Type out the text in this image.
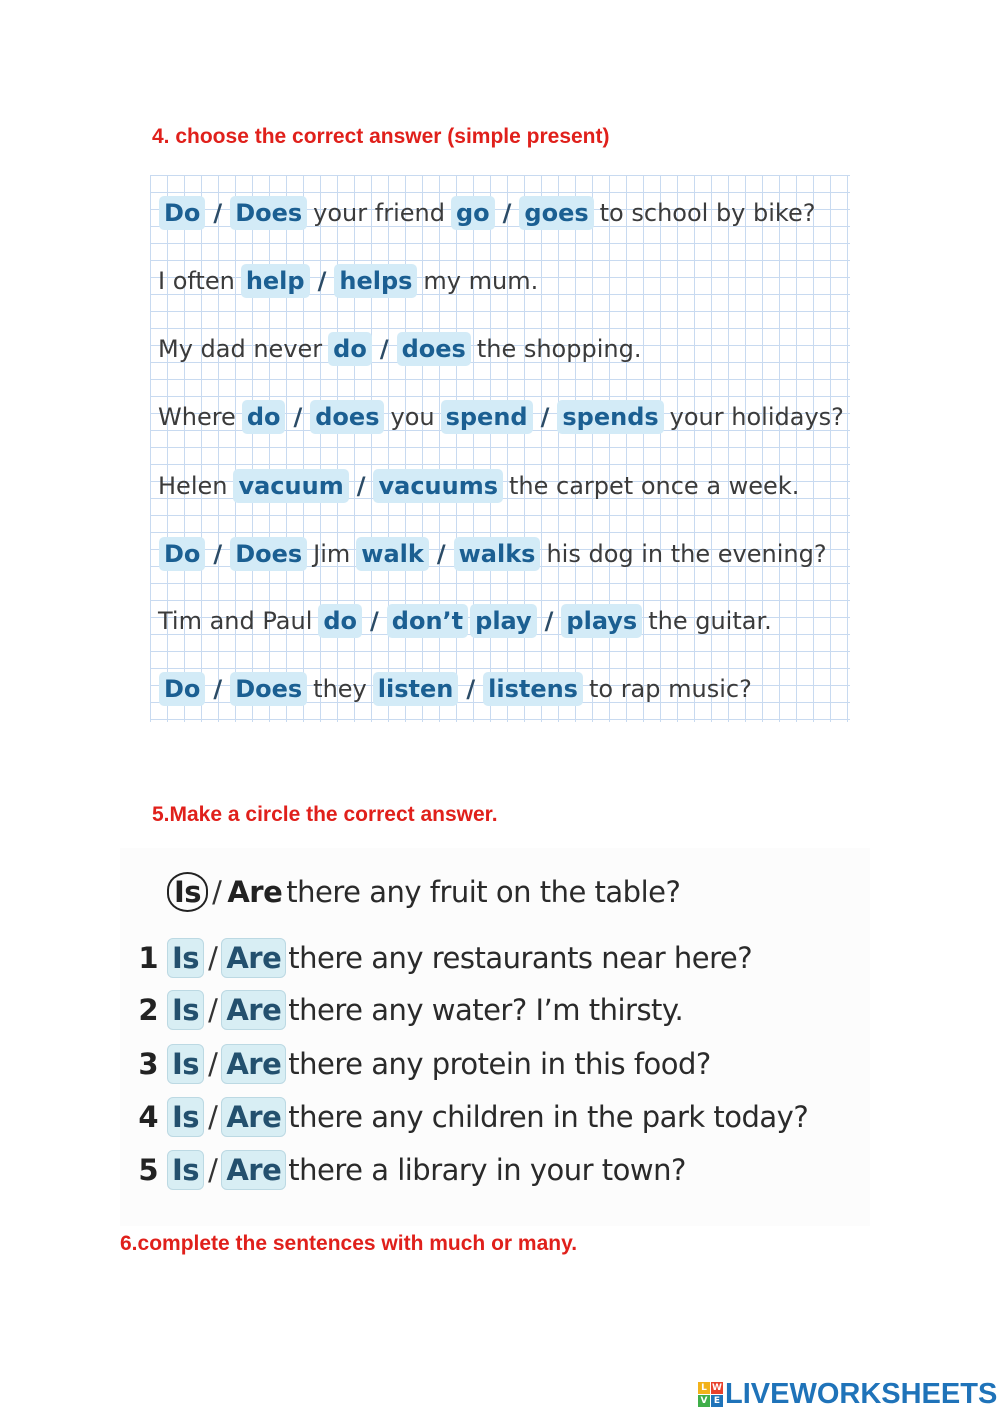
4. choose the correct answer (simple present)
Do / Does your friend go / goes to school by bike?
I often help / helps my mum.
My dad never do / does the shopping.
Where do / does you spend / spends your holidays?
Helen vacuum / vacuums the carpet once a week.
Do / Does Jim walk / walks his dog in the evening?
Tim and Paul do / don’t play / plays the guitar.
Do / Does they listen / listens to rap music?
5.Make a circle the correct answer.
Is / Are there any fruit on the table?
1 Is / Are there any restaurants near here?
2 Is / Are there any water? I’m thirsty.
3 Is / Are there any protein in this food?
4 Is / Are there any children in the park today?
5 Is / Are there a library in your town?
6.complete the sentences with much or many.
L W
V E LIVEWORKSHEETS
